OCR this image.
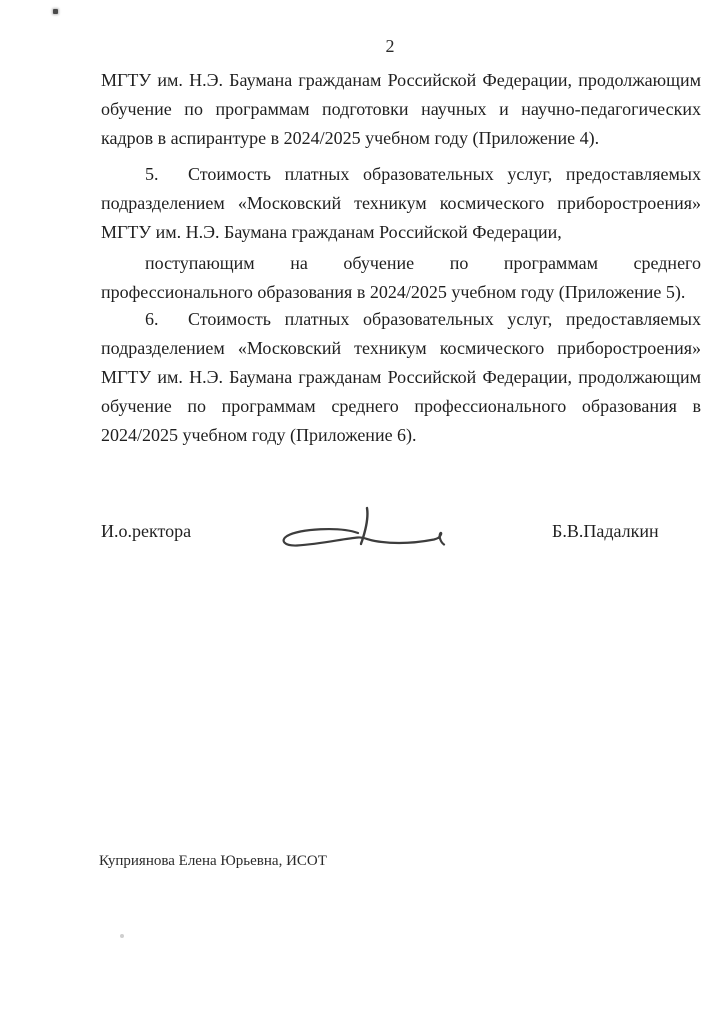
2
МГТУ им. Н.Э. Баумана гражданам Российской Федерации, продолжающим
обучение по программам подготовки научных и научно-педагогических
кадров в аспирантуре в 2024/2025 учебном году (Приложение 4).
5. Стоимость платных образовательных услуг, предоставляемых
подразделением «Московский техникум космического приборостроения»
МГТУ им. Н.Э. Баумана гражданам Российской Федерации,
поступающим на обучение по программам среднего
профессионального образования в 2024/2025 учебном году (Приложение 5).
6. Стоимость платных образовательных услуг, предоставляемых
подразделением «Московский техникум космического приборостроения»
МГТУ им. Н.Э. Баумана гражданам Российской Федерации, продолжающим
обучение по программам среднего профессионального образования в
2024/2025 учебном году (Приложение 6).
И.о.ректора	Б.В.Падалкин
Куприянова Елена Юрьевна, ИСОТ
